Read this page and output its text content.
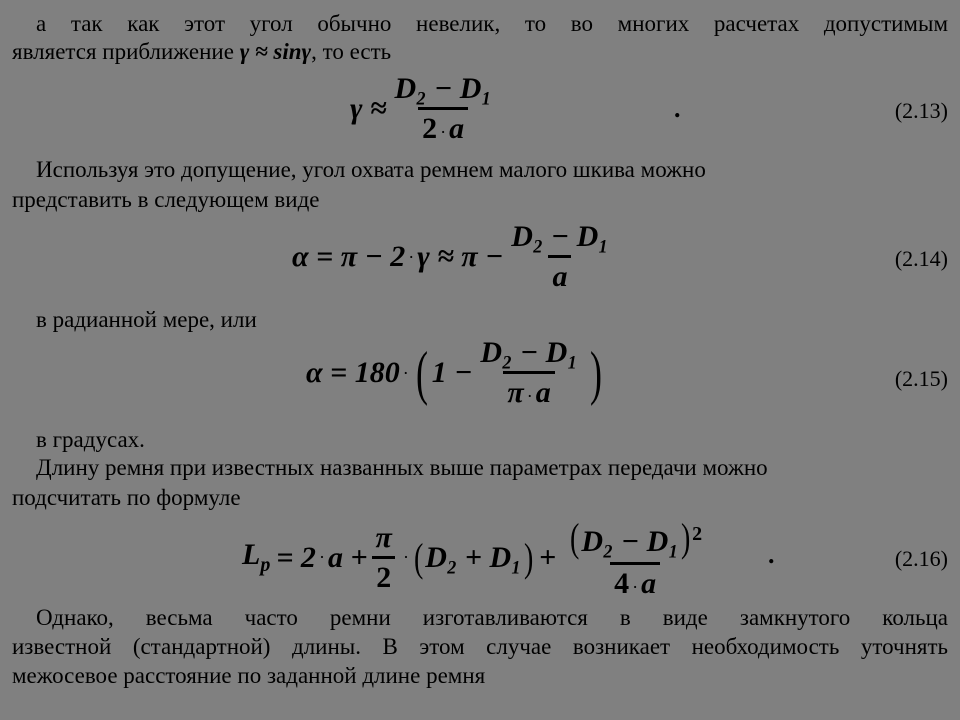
а так как этот угол обычно невелик, то во многих расчетах допустимым
является приближение γ ≈ sinγ, то есть
$\gamma \approx \frac{\text{D₂ − D₁}}{2 \cdot a}$	.	(2.13)
Используя это допущение, угол охвата ремнем малого шкива можно
представить в следующем виде
$\alpha = \pi - 2 \cdot \gamma \approx \pi - \frac{\text{D₂ − D₁}}{a}$	(2.14)
в радианной мере, или
α = 180 · ( $1 - \frac{\text{D₂ − D₁}}{\pi \cdot a}$ )	(2.15)
в градусах.
Длину ремня при известных названных выше параметрах передачи можно
подсчитать по формуле
$L_p = 2 \cdot a + \frac{\pi}{2}$ · ( D₂ + D₁ ) + $\frac{(D_2 - D_1)^2}{4 \cdot a}$ .	(2.16)
Однако, весьма часто ремни изготавливаются в виде замкнутого кольца
известной (стандартной) длины. В этом случае возникает необходимость уточнять
межосевое расстояние по заданной длине ремня
